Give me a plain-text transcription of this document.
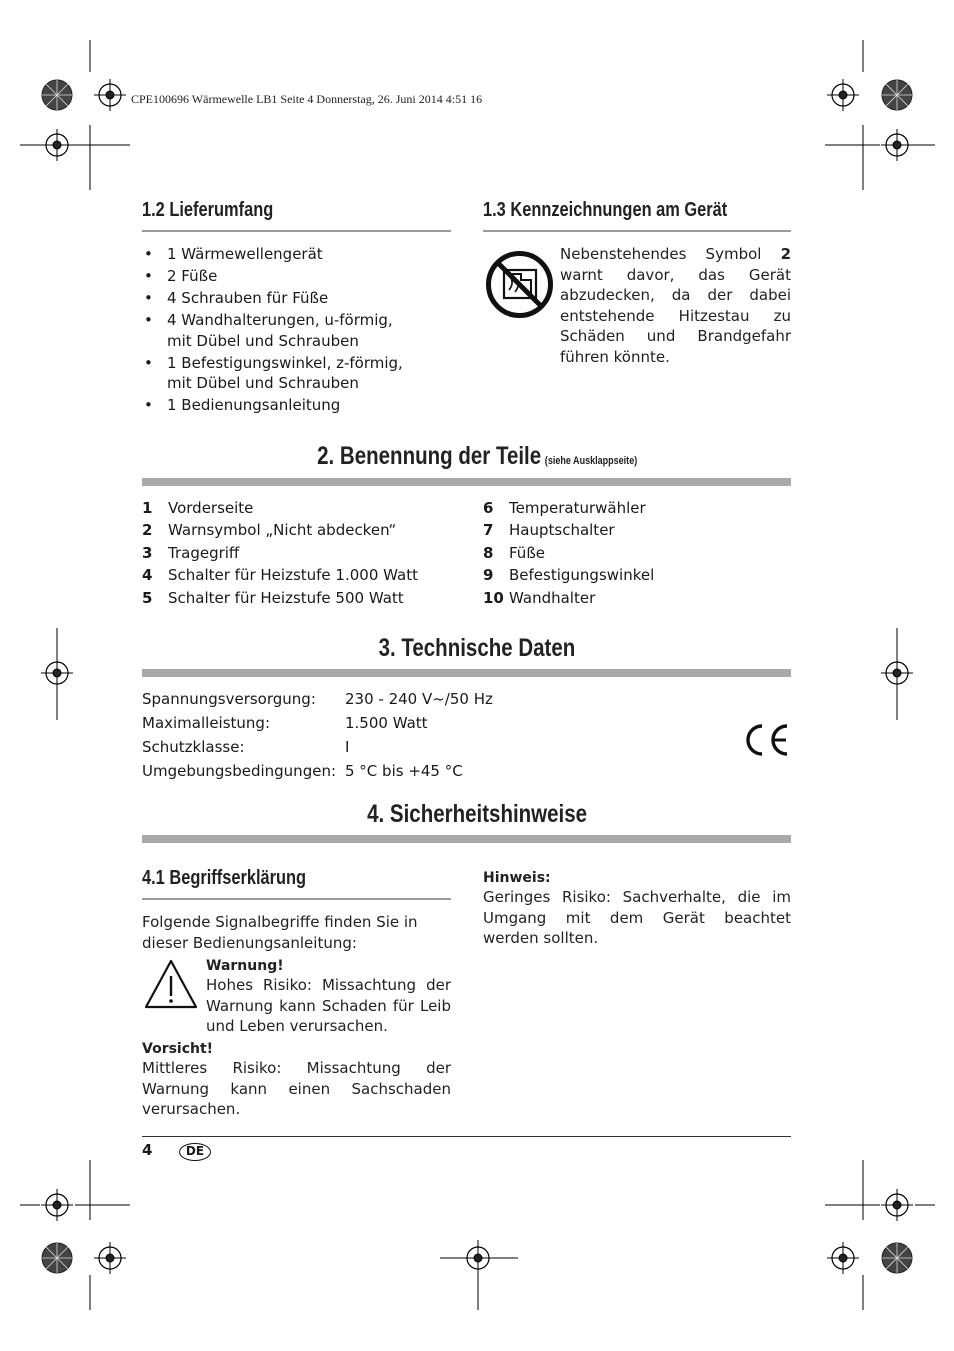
CPE100696 Wärmewelle LB1 Seite 4 Donnerstag, 26. Juni 2014 4:51 16
1.2 Lieferumfang
• 1 Wärmewellengerät
• 2 Füße
• 4 Schrauben für Füße
• 4 Wandhalterungen, u-förmig, mit Dübel und Schrauben
• 1 Befestigungswinkel, z-förmig, mit Dübel und Schrauben
• 1 Bedienungsanleitung
1.3 Kennzeichnungen am Gerät
Nebenstehendes Symbol 2 warnt davor, das Gerät abzudecken, da der dabei entstehende Hitzestau zu Schäden und Brandgefahr führen könnte.
2. Benennung der Teile (siehe Ausklappseite)
1	Vorderseite
2	Warnsymbol „Nicht abdecken“
3	Tragegriff
4	Schalter für Heizstufe 1.000 Watt
5	Schalter für Heizstufe 500 Watt
6	Temperaturwähler
7	Hauptschalter
8	Füße
9	Befestigungswinkel
10 Wandhalter
3. Technische Daten
Spannungsversorgung: 230 - 240 V~/50 Hz
Maximalleistung:	1.500 Watt
Schutzklasse:	I
Umgebungsbedingungen: 5 °C bis +45 °C
4. Sicherheitshinweise
4.1 Begriffserklärung
Folgende Signalbegriffe finden Sie in dieser Bedienungsanleitung:
Warnung!
Hohes Risiko: Missachtung der Warnung kann Schaden für Leib und Leben verursachen.
Vorsicht!
Mittleres Risiko: Missachtung der Warnung kann einen Sachschaden verursachen.
Hinweis:
Geringes Risiko: Sachverhalte, die im Umgang mit dem Gerät beachtet werden sollten.
4	DE
